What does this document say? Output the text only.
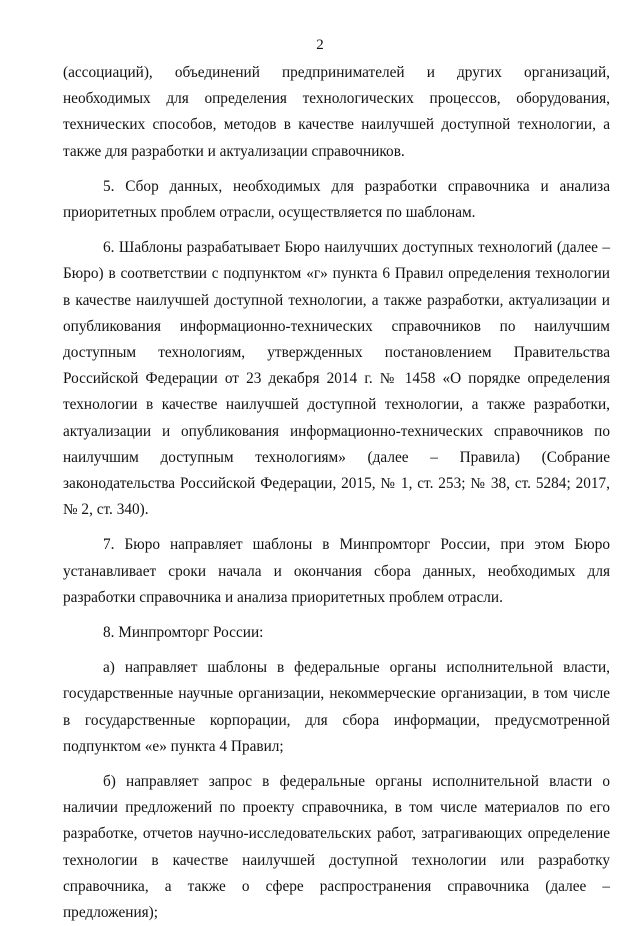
2

(ассоциаций), объединений предпринимателей и других организаций, необходимых для определения технологических процессов, оборудования, технических способов, методов в качестве наилучшей доступной технологии, а также для разработки и актуализации справочников.

5. Сбор данных, необходимых для разработки справочника и анализа приоритетных проблем отрасли, осуществляется по шаблонам.

6. Шаблоны разрабатывает Бюро наилучших доступных технологий (далее – Бюро) в соответствии с подпунктом «г» пункта 6 Правил определения технологии в качестве наилучшей доступной технологии, а также разработки, актуализации и опубликования информационно-технических справочников по наилучшим доступным технологиям, утвержденных постановлением Правительства Российской Федерации от 23 декабря 2014 г. № 1458 «О порядке определения технологии в качестве наилучшей доступной технологии, а также разработки, актуализации и опубликования информационно-технических справочников по наилучшим доступным технологиям» (далее – Правила) (Собрание законодательства Российской Федерации, 2015, № 1, ст. 253; № 38, ст. 5284; 2017, № 2, ст. 340).

7. Бюро направляет шаблоны в Минпромторг России, при этом Бюро устанавливает сроки начала и окончания сбора данных, необходимых для разработки справочника и анализа приоритетных проблем отрасли.

8. Минпромторг России:

а) направляет шаблоны в федеральные органы исполнительной власти, государственные научные организации, некоммерческие организации, в том числе в государственные корпорации, для сбора информации, предусмотренной подпунктом «е» пункта 4 Правил;

б) направляет запрос в федеральные органы исполнительной власти о наличии предложений по проекту справочника, в том числе материалов по его разработке, отчетов научно-исследовательских работ, затрагивающих определение технологии в качестве наилучшей доступной технологии или разработку справочника, а также о сфере распространения справочника (далее – предложения);
